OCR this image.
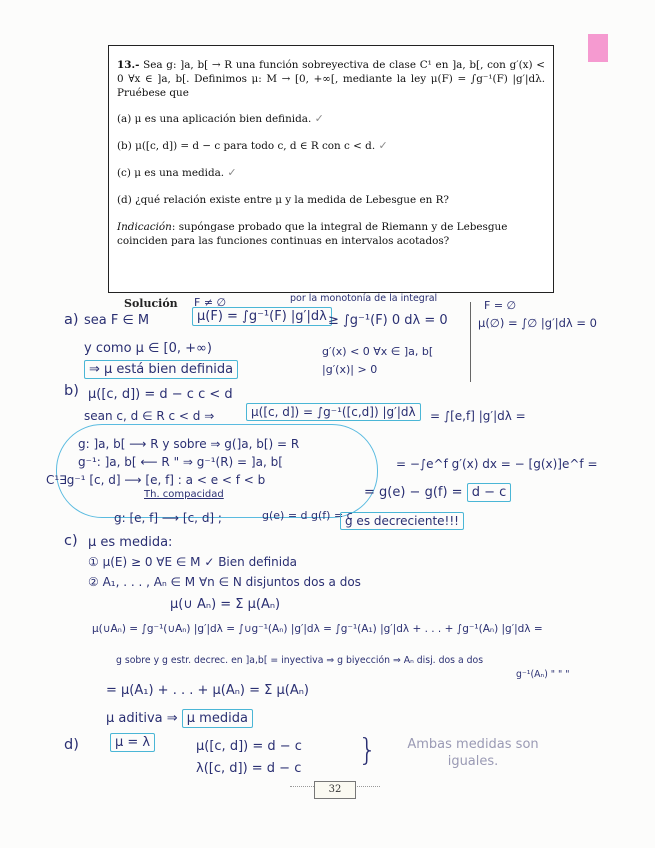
13.- Sea g: ]a, b[ → R una función sobreyectiva de clase C¹ en ]a, b[, con g′(x) < 0 ∀x ∈ ]a, b[. Definimos μ: M → [0, +∞[, mediante la ley μ(F) = ∫g⁻¹(F) |g′|dλ. Pruébese que

(a) μ es una aplicación bien definida. ✓
(b) μ([c, d]) = d − c para todo c, d ∈ R con c < d. ✓
(c) μ es una medida. ✓
(d) ¿qué relación existe entre μ y la medida de Lebesgue en R?
Indicación: supóngase probado que la integral de Riemann y de Lebesgue coinciden para las funciones continuas en intervalos acotados?
Solución F ≠ ∅	por la monotonía de la integral
F = ∅
a) sea F ∈ M	μ(F) = ∫g⁻¹(F) |g′|dλ ≥ ∫g⁻¹(F) 0 dλ = 0	μ(∅) = ∫∅ |g′|dλ = 0
y como μ ∈ [0, +∞)	g′(x) < 0 ∀x ∈ ]a, b[
|g′(x)| > 0
⇒ μ está bien definida
b) μ([c, d]) = d − c c < d
sean c, d ∈ R c < d ⇒	μ([c, d]) = ∫g⁻¹([c,d]) |g′|dλ	= ∫[e,f] |g′|dλ =
g: ]a, b[ ⟶ R y sobre ⇒ g(]a, b[) = R
g⁻¹: ]a, b[ ⟵ R " ⇒ g⁻¹(R) = ]a, b[
C¹∃g⁻¹ [c, d] ⟶ [e, f] : a < e < f < b
Th. compacidad
= −∫e^f g′(x) dx = − [g(x)]e^f =
= g(e) − g(f) = d − c
g: [e, f] ⟶ [c, d] ;	g(e) = d g(f) = c
g es decreciente!!!
c) μ es medida:
① μ(E) ≥ 0 ∀E ∈ M ✓ Bien definida
② A₁, . . . , Aₙ ∈ M ∀n ∈ N disjuntos dos a dos
μ(∪ Aₙ) = Σ μ(Aₙ)
μ(∪Aₙ) = ∫g⁻¹(∪Aₙ) |g′|dλ = ∫∪g⁻¹(Aₙ) |g′|dλ = ∫g⁻¹(A₁) |g′|dλ + . . . + ∫g⁻¹(Aₙ) |g′|dλ =
g sobre y g estr. decrec. en ]a,b[ = inyectiva ⇒ g biyección ⇒ Aₙ disj. dos a dos
g⁻¹(Aₙ) " " "
= μ(A₁) + . . . + μ(Aₙ) = Σ μ(Aₙ)
μ aditiva ⇒ μ medida
d)	μ = λ	μ([c, d]) = d − c
λ([c, d]) = d − c
}	Ambas medidas son iguales.
32
